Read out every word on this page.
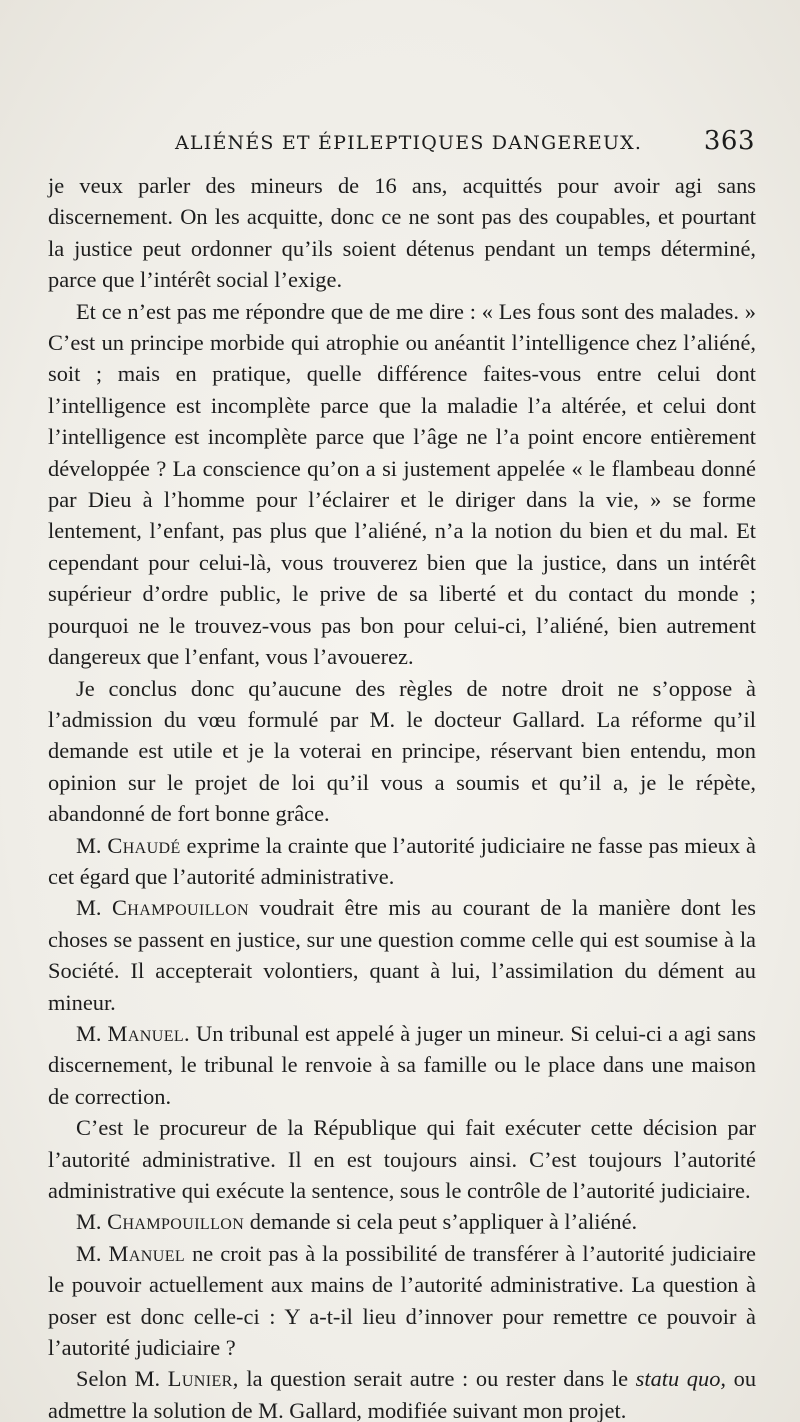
ALIÉNÉS ET ÉPILEPTIQUES DANGEREUX. 363

je veux parler des mineurs de 16 ans, acquittés pour avoir agi sans discernement. On les acquitte, donc ce ne sont pas des coupables, et pourtant la justice peut ordonner qu’ils soient détenus pendant un temps déterminé, parce que l’intérêt social l’exige.

Et ce n’est pas me répondre que de me dire : « Les fous sont des malades. » C’est un principe morbide qui atrophie ou anéantit l’intelligence chez l’aliéné, soit ; mais en pratique, quelle différence faites-vous entre celui dont l’intelligence est incomplète parce que la maladie l’a altérée, et celui dont l’intelligence est incomplète parce que l’âge ne l’a point encore entièrement développée ? La conscience qu’on a si justement appelée « le flambeau donné par Dieu à l’homme pour l’éclairer et le diriger dans la vie, » se forme lentement, l’enfant, pas plus que l’aliéné, n’a la notion du bien et du mal. Et cependant pour celui-là, vous trouverez bien que la justice, dans un intérêt supérieur d’ordre public, le prive de sa liberté et du contact du monde ; pourquoi ne le trouvez-vous pas bon pour celui-ci, l’aliéné, bien autrement dangereux que l’enfant, vous l’avouerez.

Je conclus donc qu’aucune des règles de notre droit ne s’oppose à l’admission du vœu formulé par M. le docteur Gallard. La réforme qu’il demande est utile et je la voterai en principe, réservant bien entendu, mon opinion sur le projet de loi qu’il vous a soumis et qu’il a, je le répète, abandonné de fort bonne grâce.

M. Chaudé exprime la crainte que l’autorité judiciaire ne fasse pas mieux à cet égard que l’autorité administrative.

M. Champouillon voudrait être mis au courant de la manière dont les choses se passent en justice, sur une question comme celle qui est soumise à la Société. Il accepterait volontiers, quant à lui, l’assimilation du dément au mineur.

M. Manuel. Un tribunal est appelé à juger un mineur. Si celui-ci a agi sans discernement, le tribunal le renvoie à sa famille ou le place dans une maison de correction.

C’est le procureur de la République qui fait exécuter cette décision par l’autorité administrative. Il en est toujours ainsi. C’est toujours l’autorité administrative qui exécute la sentence, sous le contrôle de l’autorité judiciaire.

M. Champouillon demande si cela peut s’appliquer à l’aliéné.

M. Manuel ne croit pas à la possibilité de transférer à l’autorité judiciaire le pouvoir actuellement aux mains de l’autorité administrative. La question à poser est donc celle-ci : Y a-t-il lieu d’innover pour remettre ce pouvoir à l’autorité judiciaire ?

Selon M. Lunier, la question serait autre : ou rester dans le statu quo, ou admettre la solution de M. Gallard, modifiée suivant mon projet.
